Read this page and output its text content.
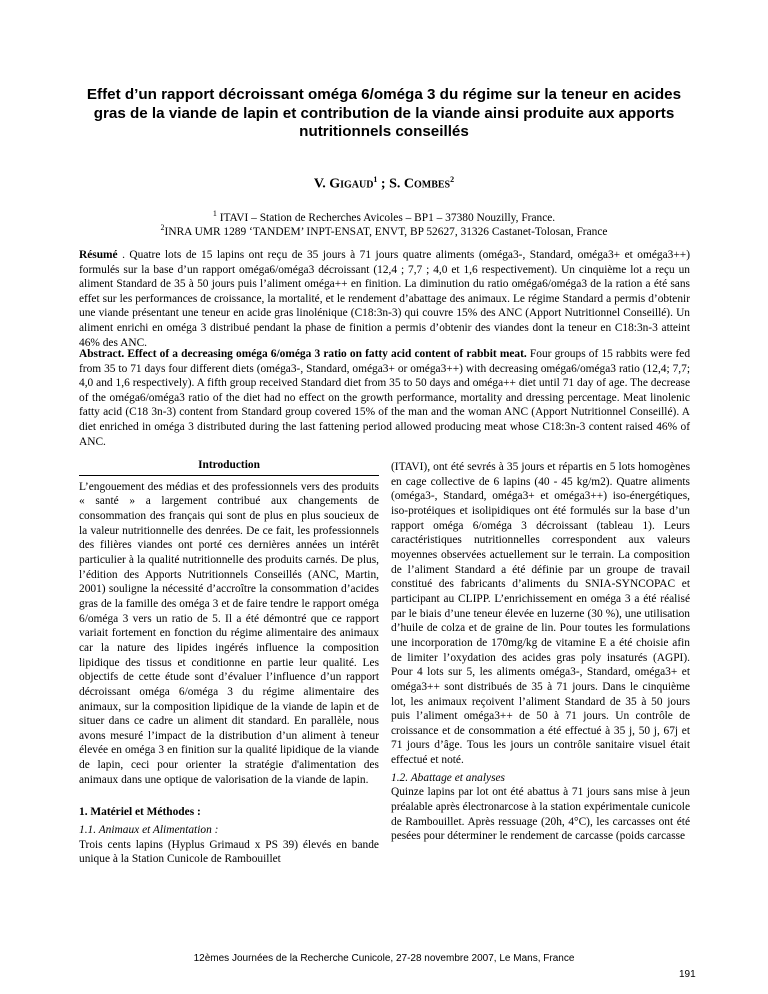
Effet d’un rapport décroissant oméga 6/oméga 3 du régime sur la teneur en acides gras de la viande de lapin et contribution de la viande ainsi produite aux apports nutritionnels conseillés

V. Gigaud$^1$ ; S. Combes$^2$

$^1$ ITAVI – Station de Recherches Avicoles – BP1 – 37380 Nouzilly, France.

$^2$INRA UMR 1289 ‘TANDEM’ INPT-ENSAT, ENVT, BP 52627, 31326 Castanet-Tolosan, France

Résumé . Quatre lots de 15 lapins ont reçu de 35 jours à 71 jours quatre aliments (oméga3-, Standard, oméga3+ et oméga3++) formulés sur la base d’un rapport oméga6/oméga3 décroissant (12,4 ; 7,7 ; 4,0 et 1,6 respectivement). Un cinquième lot a reçu un aliment Standard de 35 à 50 jours puis l’aliment oméga++ en finition. La diminution du ratio oméga6/oméga3 de la ration a été sans effet sur les performances de croissance, la mortalité, et le rendement d’abattage des animaux. Le régime Standard a permis d’obtenir une viande présentant une teneur en acide gras linolénique (C18:3n-3) qui couvre 15% des ANC (Apport Nutritionnel Conseillé). Un aliment enrichi en oméga 3 distribué pendant la phase de finition a permis d’obtenir des viandes dont la teneur en C18:3n-3 atteint 46% des ANC.

Abstract. Effect of a decreasing oméga 6/oméga 3 ratio on fatty acid content of rabbit meat. Four groups of 15 rabbits were fed from 35 to 71 days four different diets (oméga3-, Standard, oméga3+ or oméga3++) with decreasing oméga6/oméga3 ratio (12,4; 7,7; 4,0 and 1,6 respectively). A fifth group received Standard diet from 35 to 50 days and oméga++ diet until 71 day of age. The decrease of the oméga6/oméga3 ratio of the diet had no effect on the growth performance, mortality and dressing percentage. Meat linolenic fatty acid (C18 3n-3) content from Standard group covered 15% of the man and the woman ANC (Apport Nutritionnel Conseillé). A diet enriched in oméga 3 distributed during the last fattening period allowed producing meat whose C18:3n-3 content raised 46% of ANC.

Introduction

L’engouement des médias et des professionnels vers des produits « santé » a largement contribué aux changements de consommation des français qui sont de plus en plus soucieux de la valeur nutritionnelle des denrées. De ce fait, les professionnels des filières viandes ont porté ces dernières années un intérêt particulier à la qualité nutritionnelle des produits carnés. De plus, l’édition des Apports Nutritionnels Conseillés (ANC, Martin, 2001) souligne la nécessité d’accroître la consommation d’acides gras de la famille des oméga 3 et de faire tendre le rapport oméga 6/oméga 3 vers un ratio de 5. Il a été démontré que ce rapport variait fortement en fonction du régime alimentaire des animaux car la nature des lipides ingérés influence la composition lipidique des tissus et conditionne en partie leur qualité. Les objectifs de cette étude sont d’évaluer l’influence d’un rapport décroissant oméga 6/oméga 3 du régime alimentaire des animaux, sur la composition lipidique de la viande de lapin et de situer dans ce cadre un aliment dit standard. En parallèle, nous avons mesuré l’impact de la distribution d’un aliment à teneur élevée en oméga 3 en finition sur la qualité lipidique de la viande de lapin, ceci pour orienter la stratégie d'alimentation des animaux dans une optique de valorisation de la viande de lapin.

1. Matériel et Méthodes :

1.1. Animaux et Alimentation :

Trois cents lapins (Hyplus Grimaud x PS 39) élevés en bande unique à la Station Cunicole de Rambouillet

(ITAVI), ont été sevrés à 35 jours et répartis en 5 lots homogènes en cage collective de 6 lapins (40 - 45 kg/m2). Quatre aliments (oméga3-, Standard, oméga3+ et oméga3++) iso-énergétiques, iso-protéiques et isolipidiques ont été formulés sur la base d’un rapport oméga 6/oméga 3 décroissant (tableau 1). Leurs caractéristiques nutritionnelles correspondent aux valeurs moyennes observées actuellement sur le terrain. La composition de l’aliment Standard a été définie par un groupe de travail constitué des fabricants d’aliments du SNIA-SYNCOPAC et participant au CLIPP. L’enrichissement en oméga 3 a été réalisé par le biais d’une teneur élevée en luzerne (30 %), une utilisation d’huile de colza et de graine de lin. Pour toutes les formulations une incorporation de 170mg/kg de vitamine E a été choisie afin de limiter l’oxydation des acides gras poly insaturés (AGPI). Pour 4 lots sur 5, les aliments oméga3-, Standard, oméga3+ et oméga3++ sont distribués de 35 à 71 jours. Dans le cinquième lot, les animaux reçoivent l’aliment Standard de 35 à 50 jours puis l’aliment oméga3++ de 50 à 71 jours. Un contrôle de croissance et de consommation a été effectué à 35 j, 50 j, 67j et 71 jours d’âge. Tous les jours un contrôle sanitaire visuel était effectué et noté.

1.2. Abattage et analyses

Quinze lapins par lot ont été abattus à 71 jours sans mise à jeun préalable après électronarcose à la station expérimentale cunicole de Rambouillet. Après ressuage (20h, 4°C), les carcasses ont été pesées pour déterminer le rendement de carcasse (poids carcasse

12èmes Journées de la Recherche Cunicole, 27-28 novembre 2007, Le Mans, France

191
